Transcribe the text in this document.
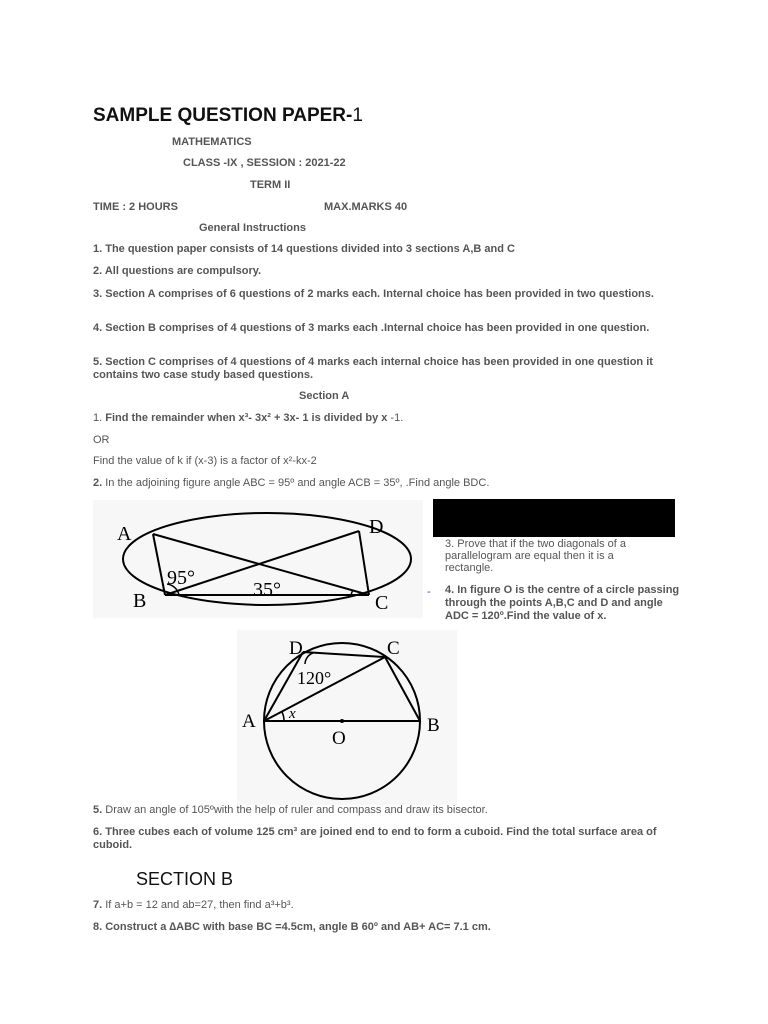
SAMPLE QUESTION PAPER-1
MATHEMATICS
CLASS -IX , SESSION : 2021-22
TERM II
TIME : 2 HOURS	MAX.MARKS 40
General Instructions
1. The question paper consists of 14 questions divided into 3 sections A,B and C
2. All questions are compulsory.
3. Section A comprises of 6 questions of 2 marks each. Internal choice has been provided in two questions.
4. Section B comprises of 4 questions of 3 marks each .Internal choice has been provided in one question.
5. Section C comprises of 4 questions of 4 marks each internal choice has been provided in one question it contains two case study based questions.
Section A
1. Find the remainder when x³- 3x² + 3x- 1 is divided by x -1.
OR
Find the value of k if (x-3) is a factor of x²-kx-2
2. In the adjoining figure angle ABC = 95º and angle ACB = 35º, .Find angle BDC.
A
B	C
D
95°
35°
3. Prove that if the two diagonals of a parallelogram are equal then it is a rectangle.
- 4. In figure O is the centre of a circle passing through the points A,B,C and D and angle ADC = 120º.Find the value of x.
D	C
A	B
O
120°
x
5. Draw an angle of 105ºwith the help of ruler and compass and draw its bisector.
6. Three cubes each of volume 125 cm³ are joined end to end to form a cuboid. Find the total surface area of cuboid.
SECTION B
7. If a+b = 12 and ab=27, then find a³+b³.
8. Construct a ∆ABC with base BC =4.5cm, angle B 60º and AB+ AC= 7.1 cm.
